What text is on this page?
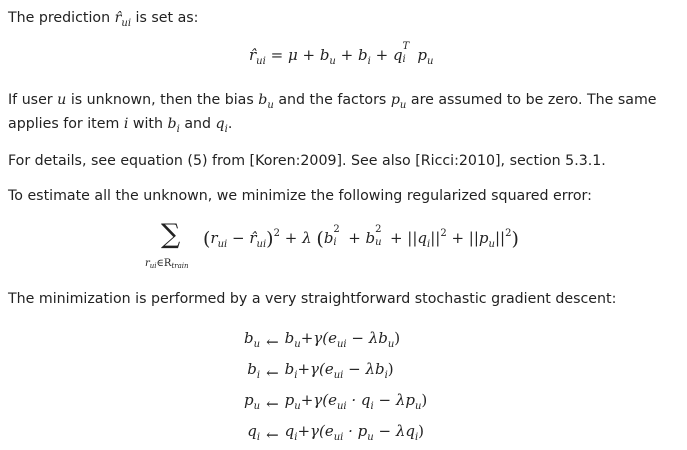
The prediction $r̂_{ui}$ is set as:
$r̂_{ui} = \mu + b_u + b_i + q$ T
i $p_u$
If user u is unknown, then the bias $b_u$ and the factors $p_u$ are assumed to be zero. The same
applies for item i with $b_i$ and $q_i$.
For details, see equation (5) from [Koren:2009]. See also [Ricci:2010], section 5.3.1.
To estimate all the unknown, we minimize the following regularized squared error:
∑
$r_{ui}\in R_{train}$
($r_{ui}$ − $r̂_{ui})^2 + \lambda$ (b 2
i + b 2
$u + ||q_i||^2 + ||p_u||^2$)
The minimization is performed by a very straightforward stochastic gradient descent:
$b_u$	←	$b_u+\gamma(e_{ui} - \lambda b_u)$
$b_i$	←	$b_i+\gamma(e_{ui} - \lambda b_i)$
$p_u$	←	$p_u+\gamma(e_{ui} \cdot q_i - \lambda p_u)$
$q_i$	←	$q_i+\gamma(e_{ui} \cdot p_u - \lambda q_i)$
